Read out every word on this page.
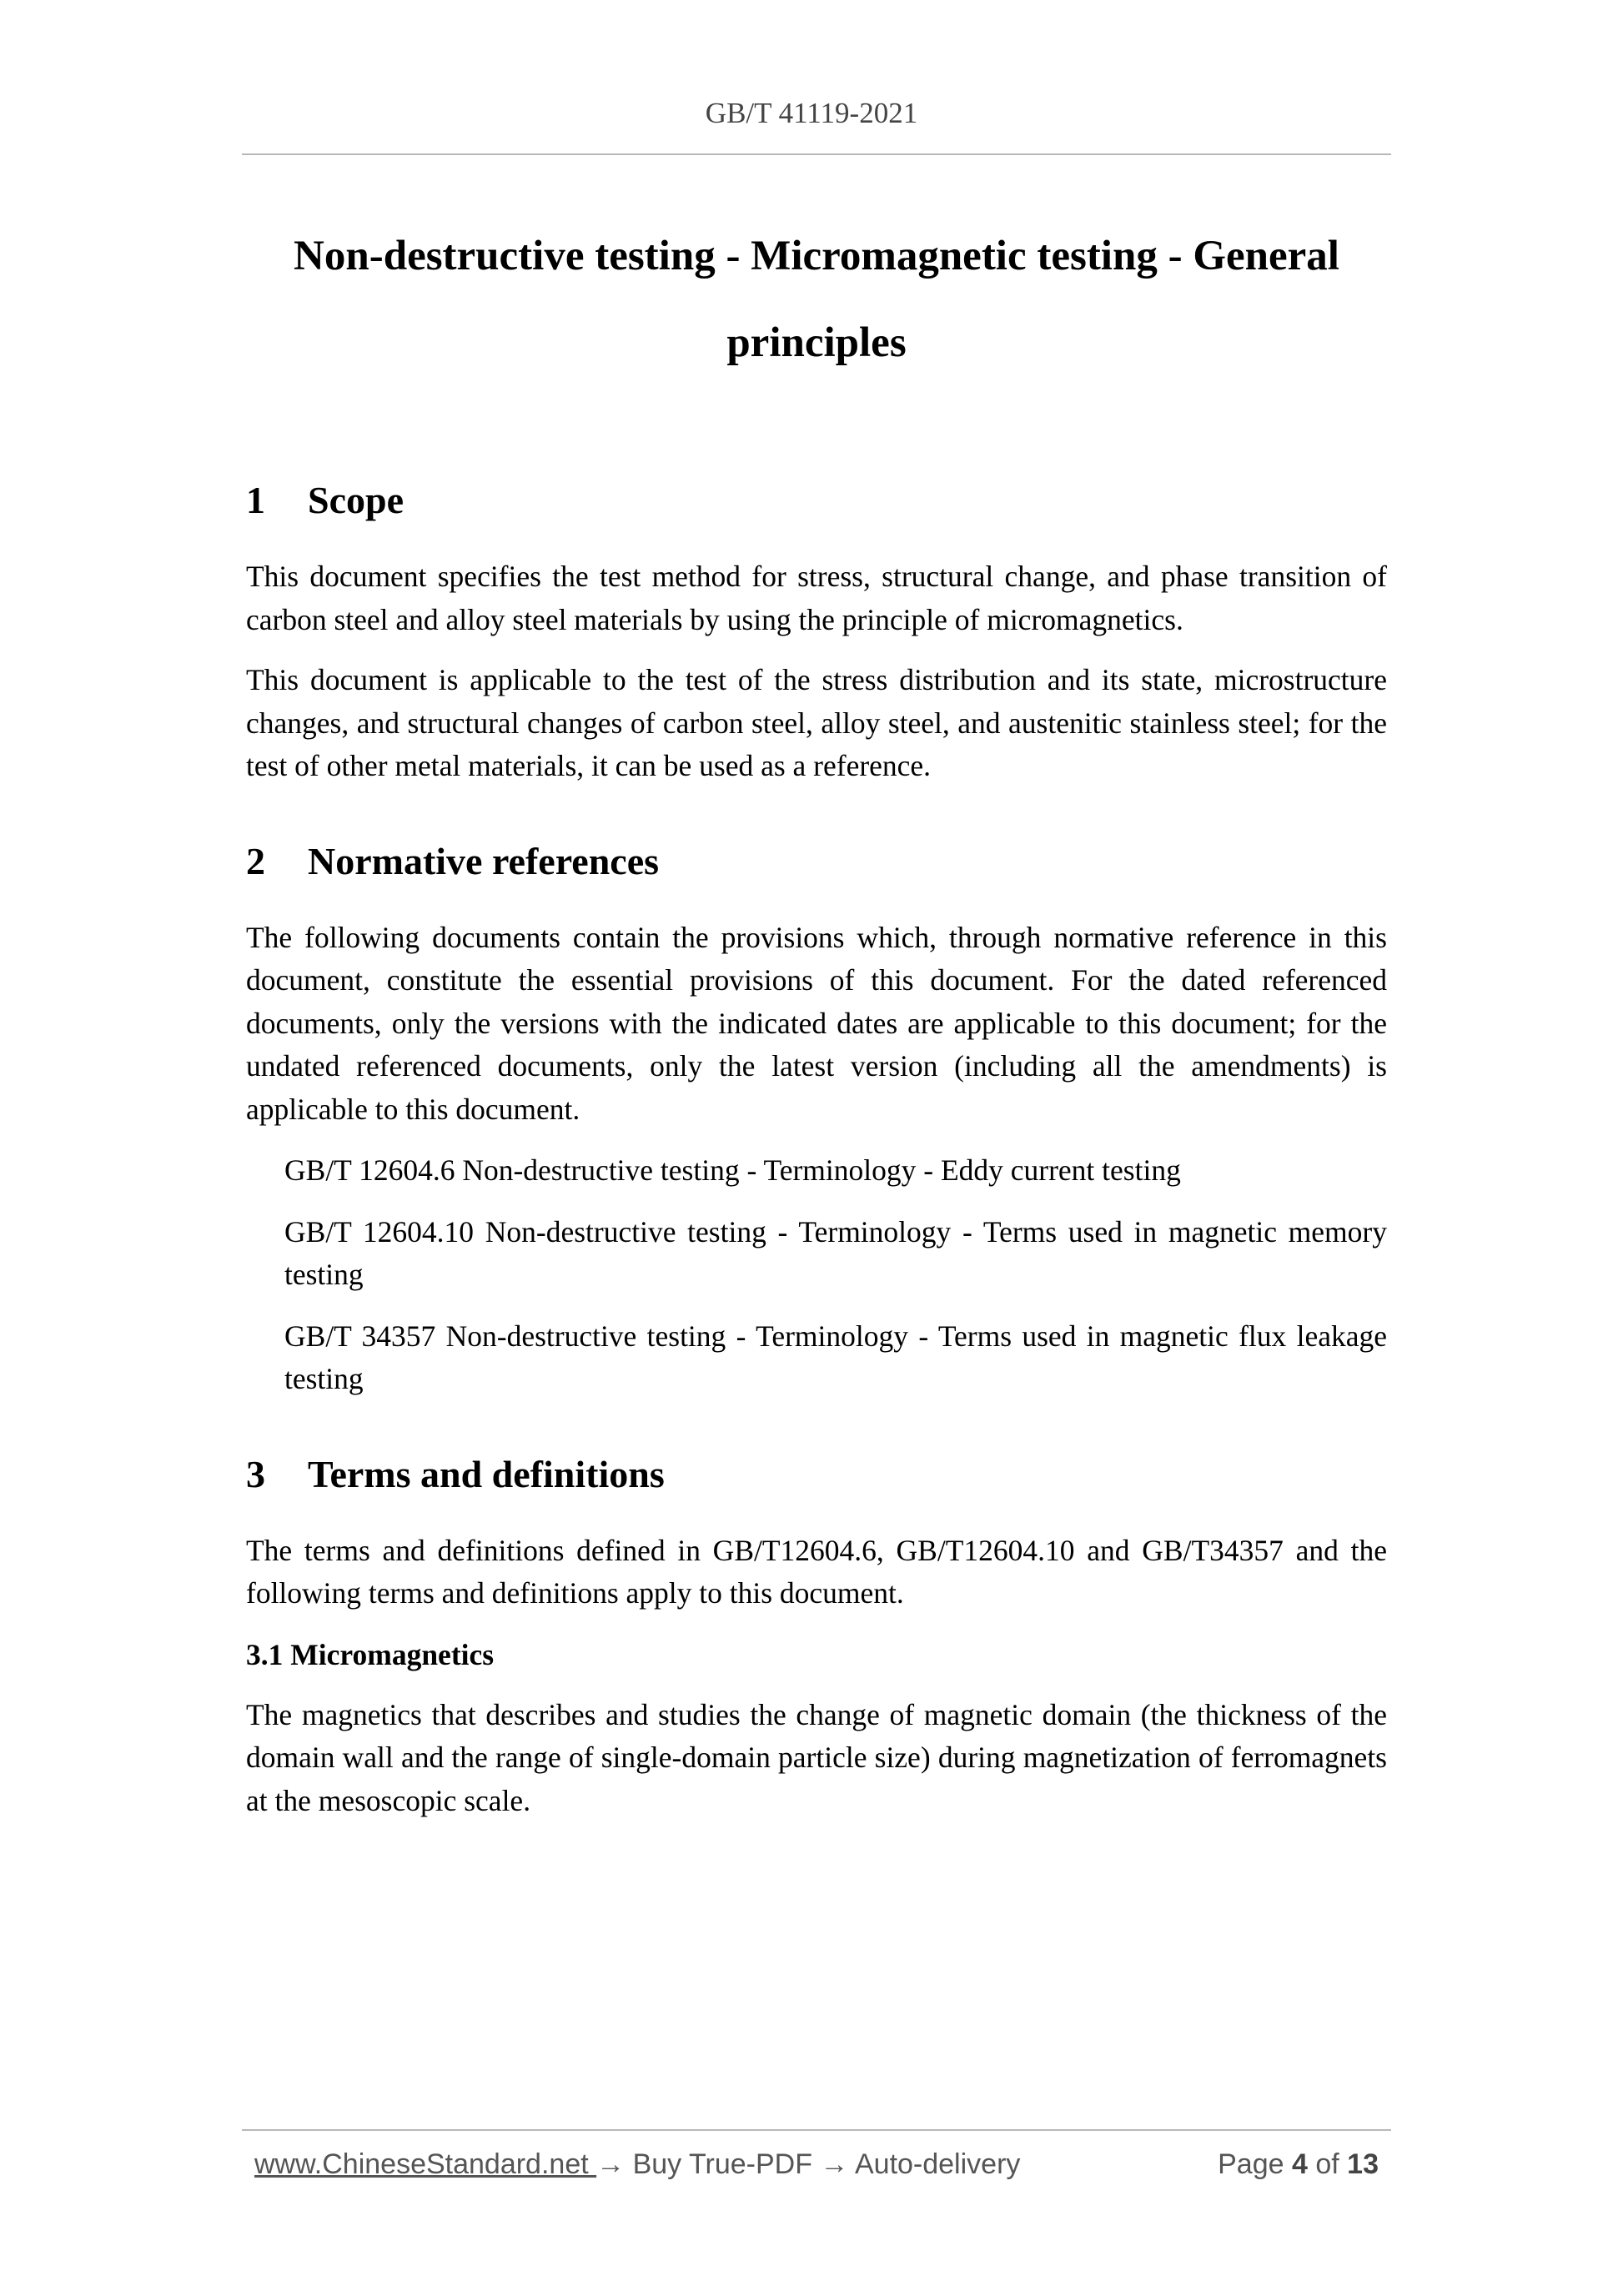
GB/T 41119-2021
Non-destructive testing - Micromagnetic testing - General
principles
1 Scope

This document specifies the test method for stress, structural change, and phase transition of carbon steel and alloy steel materials by using the principle of micromagnetics.

This document is applicable to the test of the stress distribution and its state, microstructure changes, and structural changes of carbon steel, alloy steel, and austenitic stainless steel; for the test of other metal materials, it can be used as a reference.

2 Normative references

The following documents contain the provisions which, through normative reference in this document, constitute the essential provisions of this document. For the dated referenced documents, only the versions with the indicated dates are applicable to this document; for the undated referenced documents, only the latest version (including all the amendments) is applicable to this document.

GB/T 12604.6 Non-destructive testing - Terminology - Eddy current testing

GB/T 12604.10 Non-destructive testing - Terminology - Terms used in magnetic memory testing

GB/T 34357 Non-destructive testing - Terminology - Terms used in magnetic flux leakage testing

3 Terms and definitions

The terms and definitions defined in GB/T12604.6, GB/T12604.10 and GB/T34357 and the following terms and definitions apply to this document.

3.1 Micromagnetics

The magnetics that describes and studies the change of magnetic domain (the thickness of the domain wall and the range of single-domain particle size) during magnetization of ferromagnets at the mesoscopic scale.

www.ChineseStandard.net → Buy True-PDF → Auto-delivery	Page 4 of 13
